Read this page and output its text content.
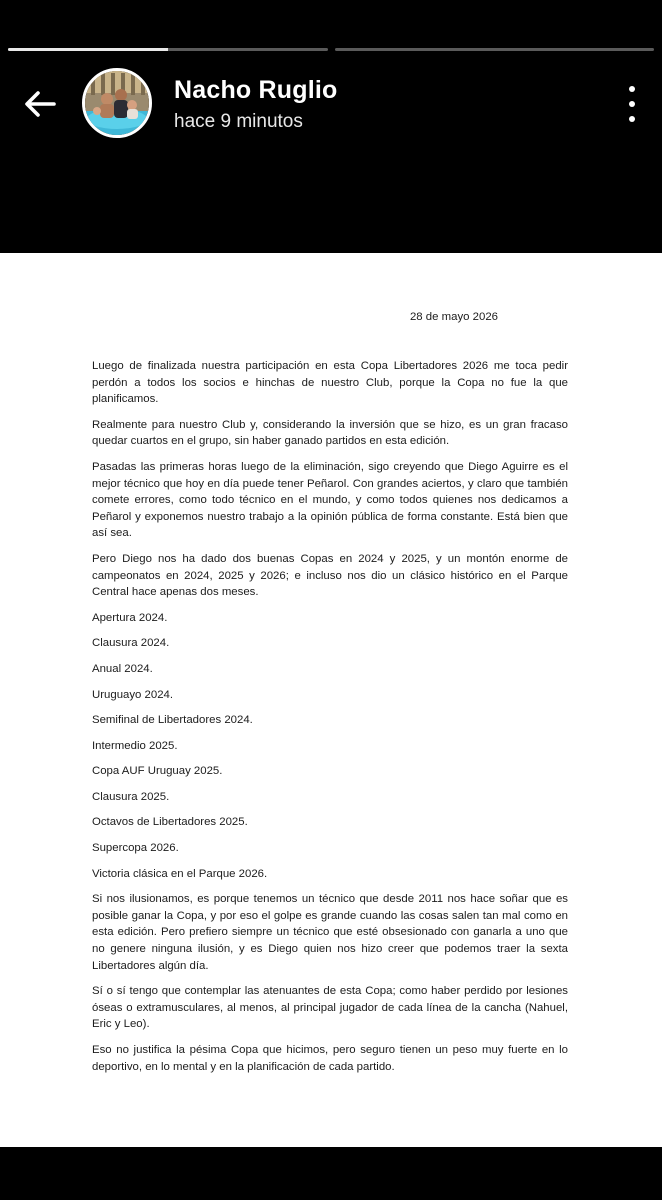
Nacho Ruglio
hace 9 minutos
28 de mayo 2026

Luego de finalizada nuestra participación en esta Copa Libertadores 2026 me toca pedir perdón a todos los socios e hinchas de nuestro Club, porque la Copa no fue la que planificamos.

Realmente para nuestro Club y, considerando la inversión que se hizo, es un gran fracaso quedar cuartos en el grupo, sin haber ganado partidos en esta edición.

Pasadas las primeras horas luego de la eliminación, sigo creyendo que Diego Aguirre es el mejor técnico que hoy en día puede tener Peñarol. Con grandes aciertos, y claro que también comete errores, como todo técnico en el mundo, y como todos quienes nos dedicamos a Peñarol y exponemos nuestro trabajo a la opinión pública de forma constante. Está bien que así sea.

Pero Diego nos ha dado dos buenas Copas en 2024 y 2025, y un montón enorme de campeonatos en 2024, 2025 y 2026; e incluso nos dio un clásico histórico en el Parque Central hace apenas dos meses.

Apertura 2024.

Clausura 2024.

Anual 2024.

Uruguayo 2024.

Semifinal de Libertadores 2024.

Intermedio 2025.

Copa AUF Uruguay 2025.

Clausura 2025.

Octavos de Libertadores 2025.

Supercopa 2026.

Victoria clásica en el Parque 2026.

Si nos ilusionamos, es porque tenemos un técnico que desde 2011 nos hace soñar que es posible ganar la Copa, y por eso el golpe es grande cuando las cosas salen tan mal como en esta edición. Pero prefiero siempre un técnico que esté obsesionado con ganarla a uno que no genere ninguna ilusión, y es Diego quien nos hizo creer que podemos traer la sexta Libertadores algún día.

Sí o sí tengo que contemplar las atenuantes de esta Copa; como haber perdido por lesiones óseas o extramusculares, al menos, al principal jugador de cada línea de la cancha (Nahuel, Eric y Leo).

Eso no justifica la pésima Copa que hicimos, pero seguro tienen un peso muy fuerte en lo deportivo, en lo mental y en la planificación de cada partido.
